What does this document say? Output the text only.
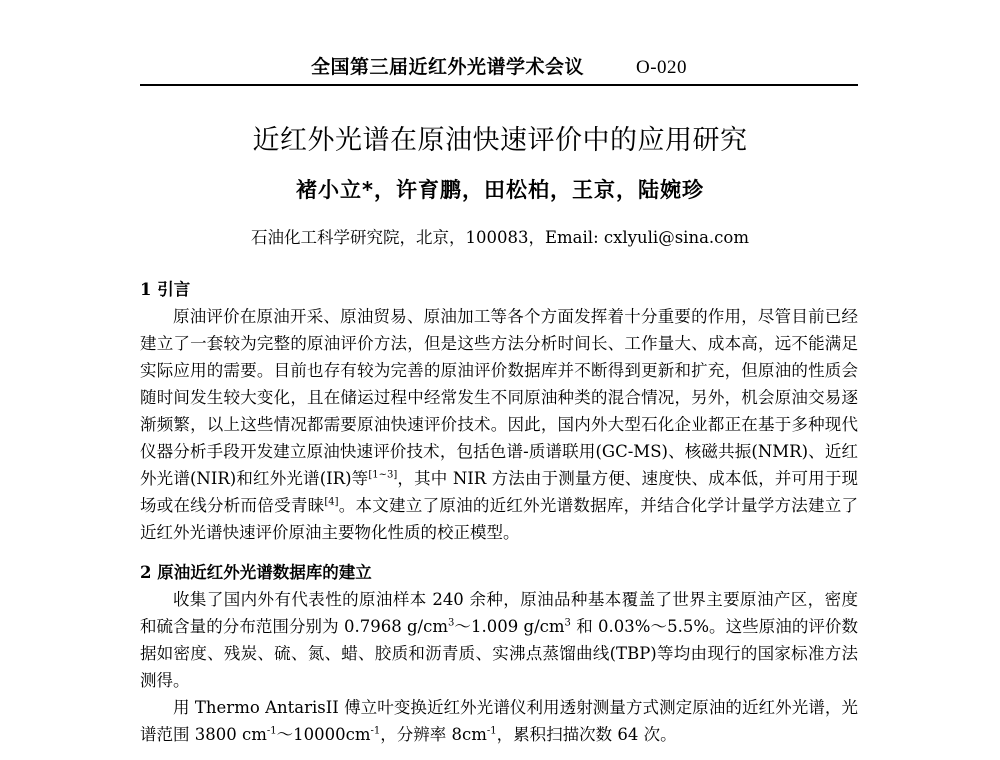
全国第三届近红外光谱学术会议	O-020
近红外光谱在原油快速评价中的应用研究
褚小立*，许育鹏，田松柏，王京，陆婉珍
石油化工科学研究院，北京，100083，Email: cxlyuli@sina.com
1 引言

原油评价在原油开采、原油贸易、原油加工等各个方面发挥着十分重要的作用，尽管目前已经建立了一套较为完整的原油评价方法，但是这些方法分析时间长、工作量大、成本高，远不能满足实际应用的需要。目前也存有较为完善的原油评价数据库并不断得到更新和扩充，但原油的性质会随时间发生较大变化，且在储运过程中经常发生不同原油种类的混合情况，另外，机会原油交易逐渐频繁，以上这些情况都需要原油快速评价技术。因此，国内外大型石化企业都正在基于多种现代仪器分析手段开发建立原油快速评价技术，包括色谱-质谱联用(GC-MS)、核磁共振(NMR)、近红外光谱(NIR)和红外光谱(IR)等[1~3]，其中 NIR 方法由于测量方便、速度快、成本低，并可用于现场或在线分析而倍受青睐[4]。本文建立了原油的近红外光谱数据库，并结合化学计量学方法建立了近红外光谱快速评价原油主要物化性质的校正模型。

2 原油近红外光谱数据库的建立

收集了国内外有代表性的原油样本 240 余种，原油品种基本覆盖了世界主要原油产区，密度和硫含量的分布范围分别为 0.7968 $g/cm^3\sim 1.009$ $g/cm^3$ 和 0.03%～5.5%。这些原油的评价数据如密度、残炭、硫、氮、蜡、胶质和沥青质、实沸点蒸馏曲线(TBP)等均由现行的国家标准方法测得。

用 Thermo AntarisII 傅立叶变换近红外光谱仪利用透射测量方式测定原油的近红外光谱，光谱范围 3800 $cm^{-1}\sim 10000cm^{-1}$，分辨率 $8cm^{-1}$，累积扫描次数 64 次。
